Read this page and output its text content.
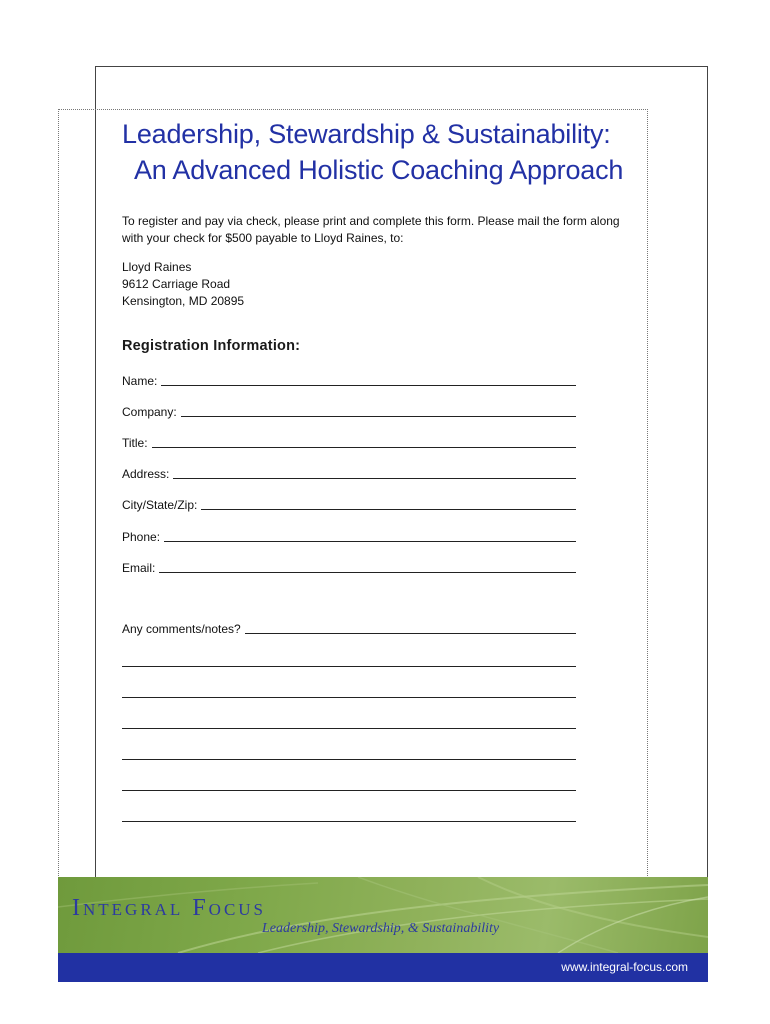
Leadership, Stewardship & Sustainability:
An Advanced Holistic Coaching Approach
To register and pay via check, please print and complete this form. Please mail the form along with your check for $500 payable to Lloyd Raines, to:
Lloyd Raines
9612 Carriage Road
Kensington, MD 20895
Registration Information:
Name:
Company:
Title:
Address:
City/State/Zip:
Phone:
Email:
Any comments/notes?
Integral Focus
Leadership, Stewardship, & Sustainability
www.integral-focus.com
